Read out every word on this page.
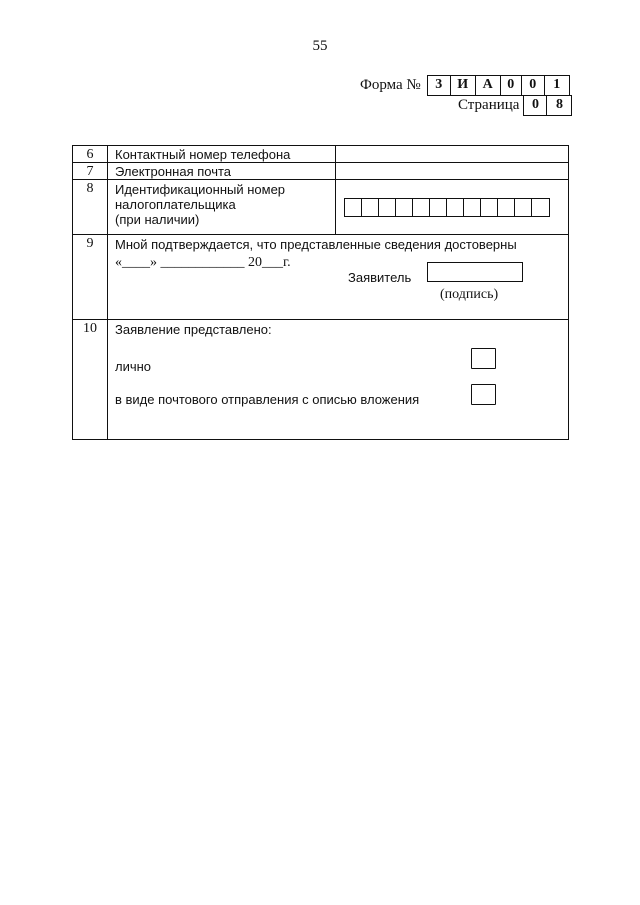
55
Форма №	3	И	А	0	0	1
Страница 0	8
6	Контактный номер телефона
7	Электронная почта
8	Идентификационный номер
налогоплательщика
(при наличии)
9	Мной подтверждается, что представленные сведения достоверны
«____» ____________ 20___г.
Заявитель
(подпись)
10	Заявление представлено:
лично
в виде почтового отправления с описью вложения
